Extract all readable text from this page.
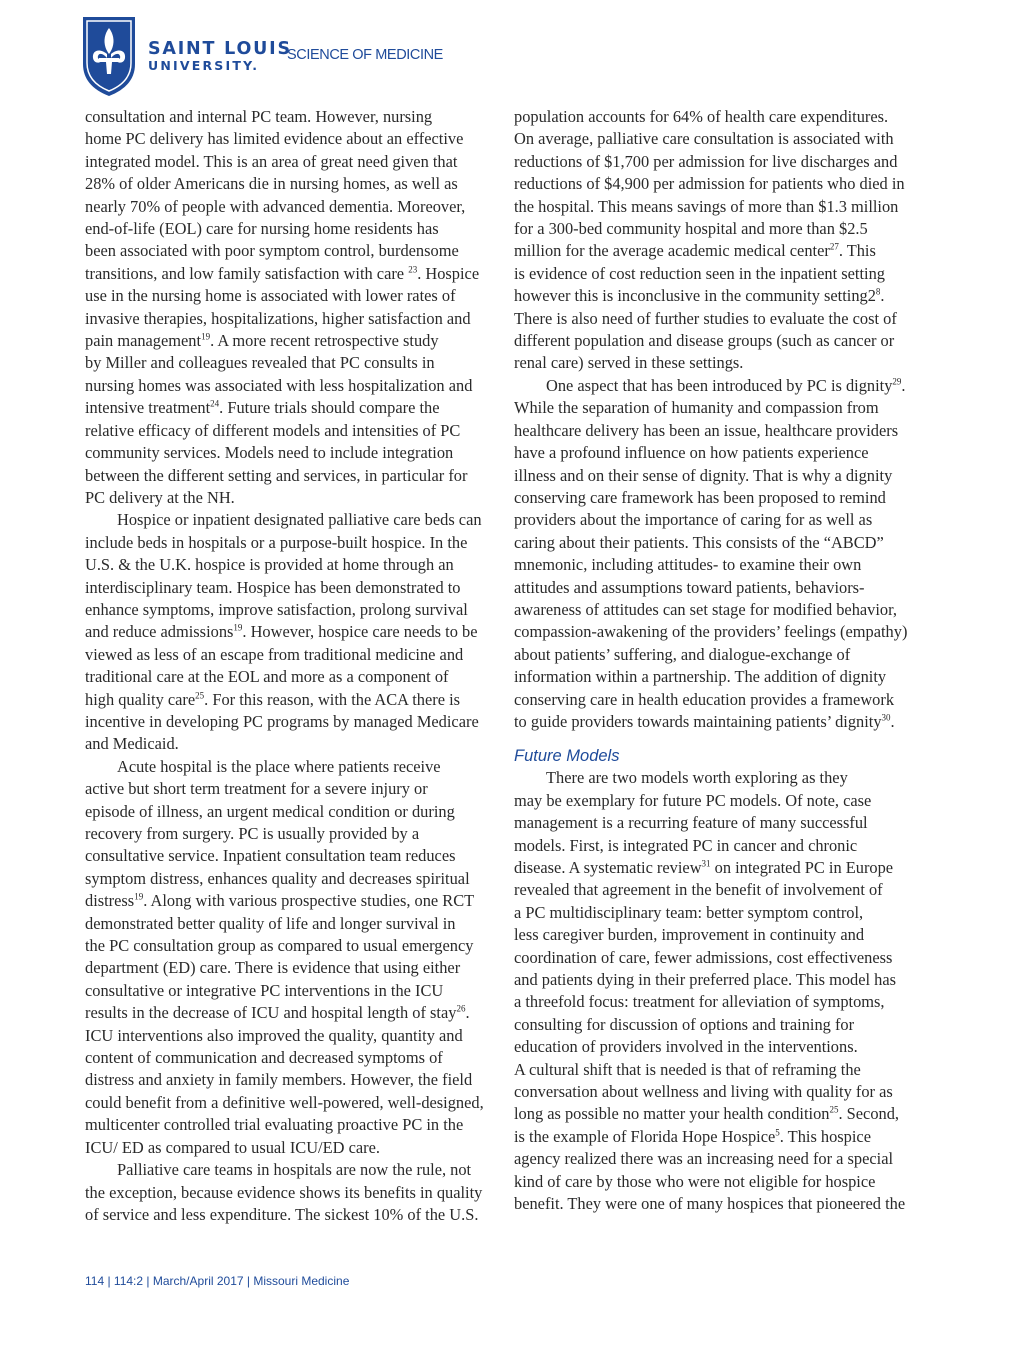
SAINT LOUIS
UNIVERSITY.
SCIENCE OF MEDICINE

consultation and internal PC team. However, nursing

home PC delivery has limited evidence about an effective

integrated model. This is an area of great need given that

28% of older Americans die in nursing homes, as well as

nearly 70% of people with advanced dementia. Moreover,

end-of-life (EOL) care for nursing home residents has

been associated with poor symptom control, burdensome

transitions, and low family satisfaction with care $^{23}$. Hospice

use in the nursing home is associated with lower rates of

invasive therapies, hospitalizations, higher satisfaction and

pain management$^{19}$. A more recent retrospective study

by Miller and colleagues revealed that PC consults in

nursing homes was associated with less hospitalization and

intensive treatment$^{24}$. Future trials should compare the

relative efficacy of different models and intensities of PC

community services. Models need to include integration

between the different setting and services, in particular for

PC delivery at the NH.

Hospice or inpatient designated palliative care beds can

include beds in hospitals or a purpose-built hospice. In the

U.S. & the U.K. hospice is provided at home through an

interdisciplinary team. Hospice has been demonstrated to

enhance symptoms, improve satisfaction, prolong survival

and reduce admissions$^{19}$. However, hospice care needs to be

viewed as less of an escape from traditional medicine and

traditional care at the EOL and more as a component of

high quality care$^{25}$. For this reason, with the ACA there is

incentive in developing PC programs by managed Medicare

and Medicaid.

Acute hospital is the place where patients receive

active but short term treatment for a severe injury or

episode of illness, an urgent medical condition or during

recovery from surgery. PC is usually provided by a

consultative service. Inpatient consultation team reduces

symptom distress, enhances quality and decreases spiritual

distress$^{19}$. Along with various prospective studies, one RCT

demonstrated better quality of life and longer survival in

the PC consultation group as compared to usual emergency

department (ED) care. There is evidence that using either

consultative or integrative PC interventions in the ICU

results in the decrease of ICU and hospital length of stay$^{26}$.

ICU interventions also improved the quality, quantity and

content of communication and decreased symptoms of

distress and anxiety in family members. However, the field

could benefit from a definitive well-powered, well-designed,

multicenter controlled trial evaluating proactive PC in the

ICU/ ED as compared to usual ICU/ED care.

Palliative care teams in hospitals are now the rule, not

the exception, because evidence shows its benefits in quality

of service and less expenditure. The sickest 10% of the U.S.

population accounts for 64% of health care expenditures.

On average, palliative care consultation is associated with

reductions of $1,700 per admission for live discharges and

reductions of $4,900 per admission for patients who died in

the hospital. This means savings of more than $1.3 million

for a 300-bed community hospital and more than $2.5

million for the average academic medical center$^{27}$. This

is evidence of cost reduction seen in the inpatient setting

however this is inconclusive in the community $setting2^8$.

There is also need of further studies to evaluate the cost of

different population and disease groups (such as cancer or

renal care) served in these settings.

One aspect that has been introduced by PC is dignity$^{29}$.

While the separation of humanity and compassion from

healthcare delivery has been an issue, healthcare providers

have a profound influence on how patients experience

illness and on their sense of dignity. That is why a dignity

conserving care framework has been proposed to remind

providers about the importance of caring for as well as

caring about their patients. This consists of the “ABCD”

mnemonic, including attitudes- to examine their own

attitudes and assumptions toward patients, behaviors-

awareness of attitudes can set stage for modified behavior,

compassion-awakening of the providers’ feelings (empathy)

about patients’ suffering, and dialogue-exchange of

information within a partnership. The addition of dignity

conserving care in health education provides a framework

to guide providers towards maintaining patients’ dignity$^{30}$.

Future Models

There are two models worth exploring as they

may be exemplary for future PC models. Of note, case

management is a recurring feature of many successful

models. First, is integrated PC in cancer and chronic

disease. A systematic review$^{31}$ on integrated PC in Europe

revealed that agreement in the benefit of involvement of

a PC multidisciplinary team: better symptom control,

less caregiver burden, improvement in continuity and

coordination of care, fewer admissions, cost effectiveness

and patients dying in their preferred place. This model has

a threefold focus: treatment for alleviation of symptoms,

consulting for discussion of options and training for

education of providers involved in the interventions.

A cultural shift that is needed is that of reframing the

conversation about wellness and living with quality for as

long as possible no matter your health condition$^{25}$. Second,

is the example of Florida Hope Hospice$^5$. This hospice

agency realized there was an increasing need for a special

kind of care by those who were not eligible for hospice

benefit. They were one of many hospices that pioneered the

114 | 114:2 | March/April 2017 | Missouri Medicine
